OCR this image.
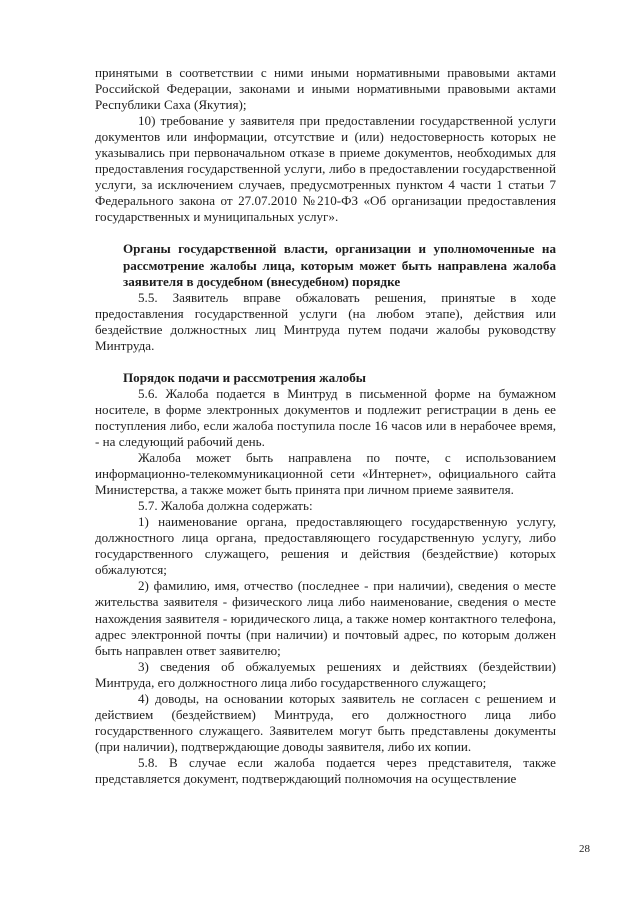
принятыми в соответствии с ними иными нормативными правовыми актами Российской Федерации, законами и иными нормативными правовыми актами Республики Саха (Якутия);

10) требование у заявителя при предоставлении государственной услуги документов или информации, отсутствие и (или) недостоверность которых не указывались при первоначальном отказе в приеме документов, необходимых для предоставления государственной услуги, либо в предоставлении государственной услуги, за исключением случаев, предусмотренных пунктом 4 части 1 статьи 7 Федерального закона от 27.07.2010 №210-ФЗ «Об организации предоставления государственных и муниципальных услуг».

Органы государственной власти, организации и уполномоченные на рассмотрение жалобы лица, которым может быть направлена жалоба заявителя в досудебном (внесудебном) порядке

5.5. Заявитель вправе обжаловать решения, принятые в ходе предоставления государственной услуги (на любом этапе), действия или бездействие должностных лиц Минтруда путем подачи жалобы руководству Минтруда.

Порядок подачи и рассмотрения жалобы

5.6. Жалоба подается в Минтруд в письменной форме на бумажном носителе, в форме электронных документов и подлежит регистрации в день ее поступления либо, если жалоба поступила после 16 часов или в нерабочее время, - на следующий рабочий день.

Жалоба может быть направлена по почте, с использованием информационно-телекоммуникационной сети «Интернет», официального сайта Министерства, а также может быть принята при личном приеме заявителя.

5.7. Жалоба должна содержать:

1) наименование органа, предоставляющего государственную услугу, должностного лица органа, предоставляющего государственную услугу, либо государственного служащего, решения и действия (бездействие) которых обжалуются;

2) фамилию, имя, отчество (последнее - при наличии), сведения о месте жительства заявителя - физического лица либо наименование, сведения о месте нахождения заявителя - юридического лица, а также номер контактного телефона, адрес электронной почты (при наличии) и почтовый адрес, по которым должен быть направлен ответ заявителю;

3) сведения об обжалуемых решениях и действиях (бездействии) Минтруда, его должностного лица либо государственного служащего;

4) доводы, на основании которых заявитель не согласен с решением и действием (бездействием) Минтруда, его должностного лица либо государственного служащего. Заявителем могут быть представлены документы (при наличии), подтверждающие доводы заявителя, либо их копии.

5.8. В случае если жалоба подается через представителя, также представляется документ, подтверждающий полномочия на осуществление

28
